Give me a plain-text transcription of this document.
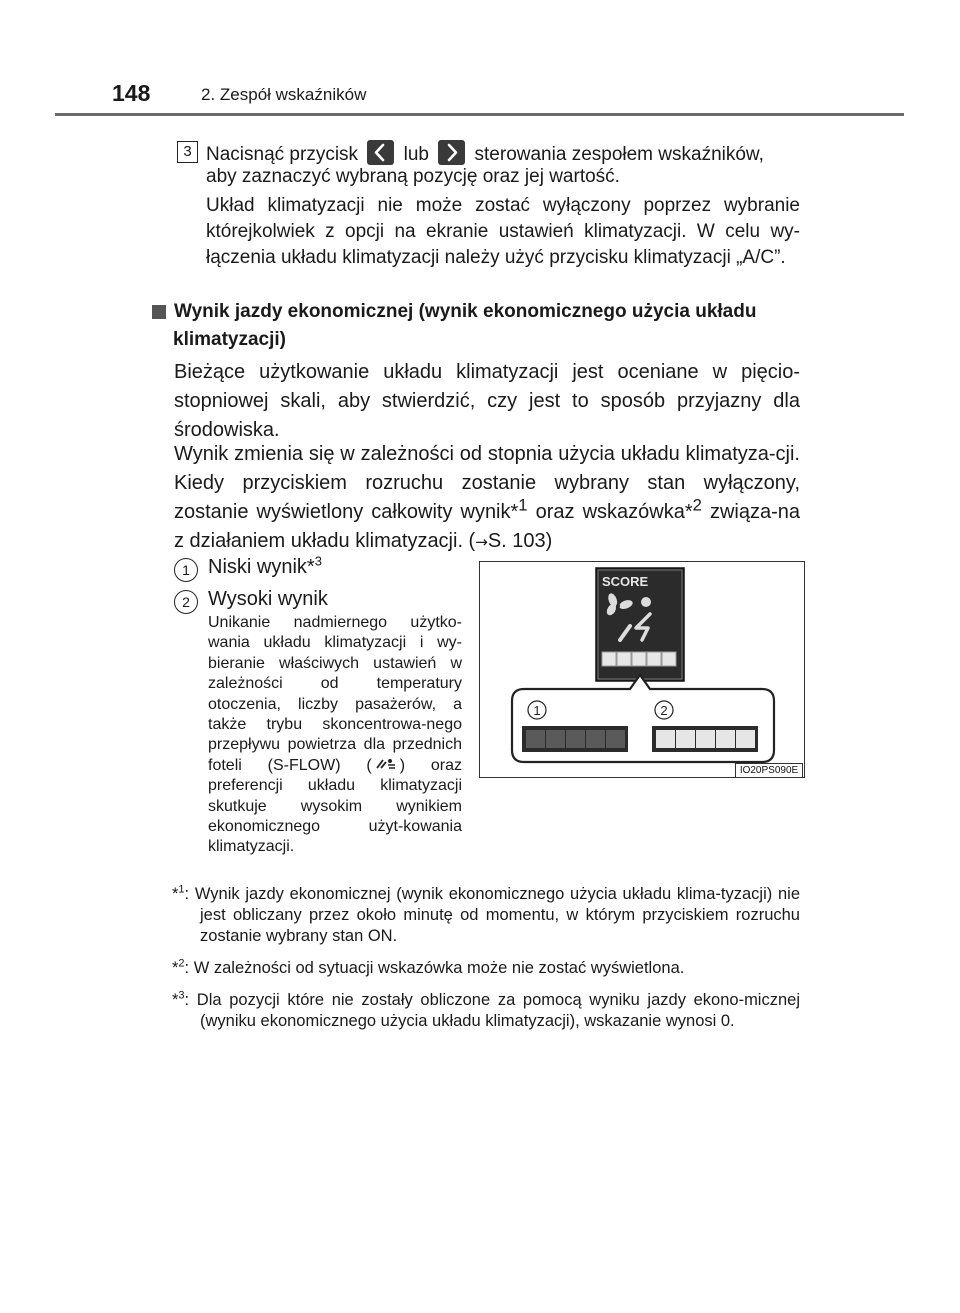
148	2. Zespół wskaźników
3 Nacisnąć przycisk lub sterowania zespołem wskaźników,
aby zaznaczyć wybraną pozycję oraz jej wartość.
Układ klimatyzacji nie może zostać wyłączony poprzez wybranie którejkolwiek z opcji na ekranie ustawień klimatyzacji. W celu wy-łączenia układu klimatyzacji należy użyć przycisku klimatyzacji „A/C”.
Wynik jazdy ekonomicznej (wynik ekonomicznego użycia układu
klimatyzacji)
Bieżące użytkowanie układu klimatyzacji jest oceniane w pięcio-stopniowej skali, aby stwierdzić, czy jest to sposób przyjazny dla środowiska.
Wynik zmienia się w zależności od stopnia użycia układu klimatyza-cji. Kiedy przyciskiem rozruchu zostanie wybrany stan wyłączony, zostanie wyświetlony całkowity wynik*$^1$ oraz wskazówka*$^2$ związa-na z działaniem układu klimatyzacji. (→S. 103)
1 Niski wynik*$^3$
2 Wysoki wynik
Unikanie nadmiernego użytko-wania układu klimatyzacji i wy-bieranie właściwych ustawień w zależności od temperatury otoczenia, liczby pasażerów, a także trybu skoncentrowa-nego przepływu powietrza dla przednich foteli (S-FLOW) ( ) oraz preferencji układu klimatyzacji skutkuje wysokim wynikiem ekonomicznego użyt-kowania klimatyzacji.
SCORE
1	2
IO20PS090E
*$^1$: Wynik jazdy ekonomicznej (wynik ekonomicznego użycia układu klima-tyzacji) nie jest obliczany przez około minutę od momentu, w którym przyciskiem rozruchu zostanie wybrany stan ON.
*$^2$: W zależności od sytuacji wskazówka może nie zostać wyświetlona.
*$^3$: Dla pozycji które nie zostały obliczone za pomocą wyniku jazdy ekono-micznej (wyniku ekonomicznego użycia układu klimatyzacji), wskazanie wynosi 0.
